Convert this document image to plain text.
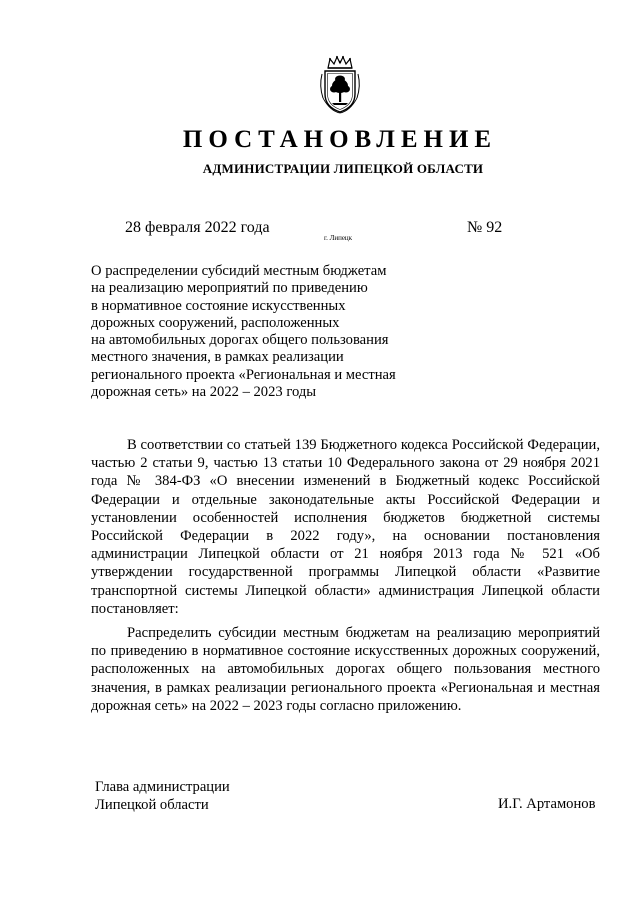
ПОСТАНОВЛЕНИЕ
АДМИНИСТРАЦИИ ЛИПЕЦКОЙ ОБЛАСТИ
28 февраля 2022 года
г. Липецк
№ 92
О распределении субсидий местным бюджетам
на реализацию мероприятий по приведению
в нормативное состояние искусственных
дорожных сооружений, расположенных
на автомобильных дорогах общего пользования
местного значения, в рамках реализации
регионального проекта «Региональная и местная
дорожная сеть» на 2022 – 2023 годы

В соответствии со статьей 139 Бюджетного кодекса Российской Федерации, частью 2 статьи 9, частью 13 статьи 10 Федерального закона от 29 ноября 2021 года № 384-ФЗ «О внесении изменений в Бюджетный кодекс Российской Федерации и отдельные законодательные акты Российской Федерации и установлении особенностей исполнения бюджетов бюджетной системы Российской Федерации в 2022 году», на основании постановления администрации Липецкой области от 21 ноября 2013 года № 521 «Об утверждении государственной программы Липецкой области «Развитие транспортной системы Липецкой области» администрация Липецкой области постановляет:

Распределить субсидии местным бюджетам на реализацию мероприятий по приведению в нормативное состояние искусственных дорожных сооружений, расположенных на автомобильных дорогах общего пользования местного значения, в рамках реализации регионального проекта «Региональная и местная дорожная сеть» на 2022 – 2023 годы согласно приложению.

Глава администрации
Липецкой области	И.Г. Артамонов
